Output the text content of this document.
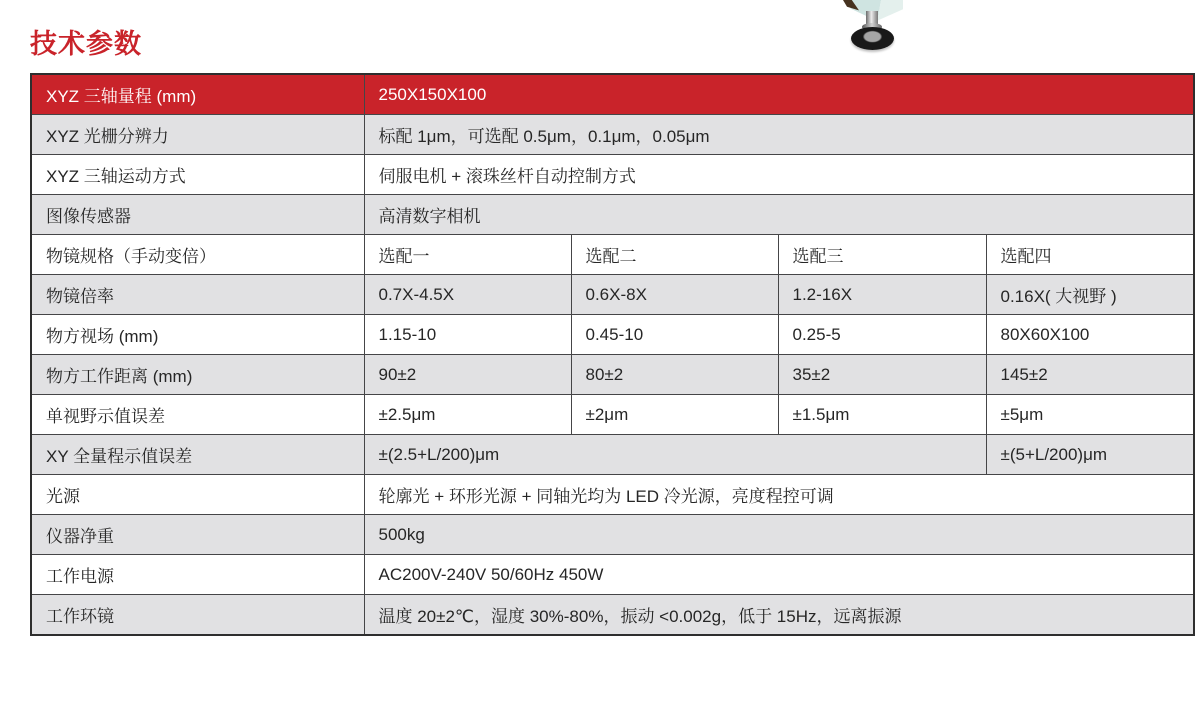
技术参数
XYZ 三轴量程 (mm)	250X150X100			
XYZ 光栅分辨力	标配 1μm，可选配 0.5μm，0.1μm，0.05μm			
XYZ 三轴运动方式	伺服电机 + 滚珠丝杆自动控制方式			
图像传感器	高清数字相机			
物镜规格（手动变倍）	选配一	选配二	选配三	选配四
物镜倍率	0.7X-4.5X	0.6X-8X	1.2-16X	0.16X( 大视野 )
物方视场 (mm)	1.15-10	0.45-10	0.25-5	80X60X100
物方工作距离 (mm)	90±2	80±2	35±2	145±2
单视野示值误差	±2.5μm	±2μm	±1.5μm	±5μm
XY 全量程示值误差	±(2.5+L/200)μm			±(5+L/200)μm
光源	轮廓光 + 环形光源 + 同轴光均为 LED 冷光源，亮度程控可调			
仪器净重	500kg			
工作电源	AC200V-240V 50/60Hz 450W			
工作环镜	温度 20±2℃，湿度 30%-80%，振动 <0.002g，低于 15Hz，远离振源			
